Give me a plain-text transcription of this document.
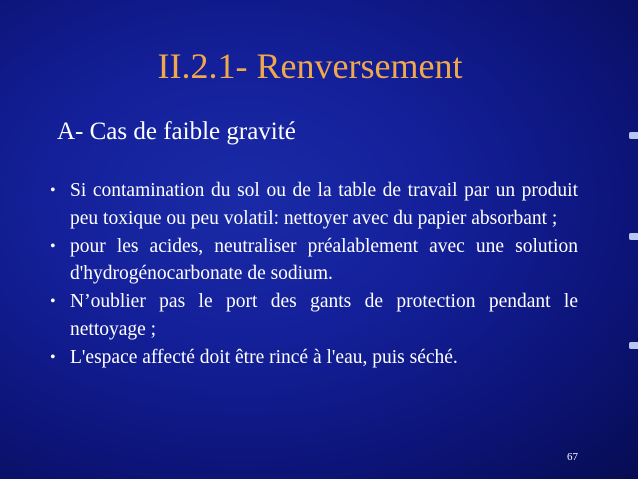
II.2.1- Renversement
A- Cas de faible gravité
• Si contamination du sol ou de la table de travail par un produit peu toxique ou peu volatil: nettoyer avec du papier absorbant ;
• pour les acides, neutraliser préalablement avec une solution d'hydrogénocarbonate de sodium.
• N’oublier pas le port des gants de protection pendant le nettoyage ;
• L'espace affecté doit être rincé à l'eau, puis séché.
67
